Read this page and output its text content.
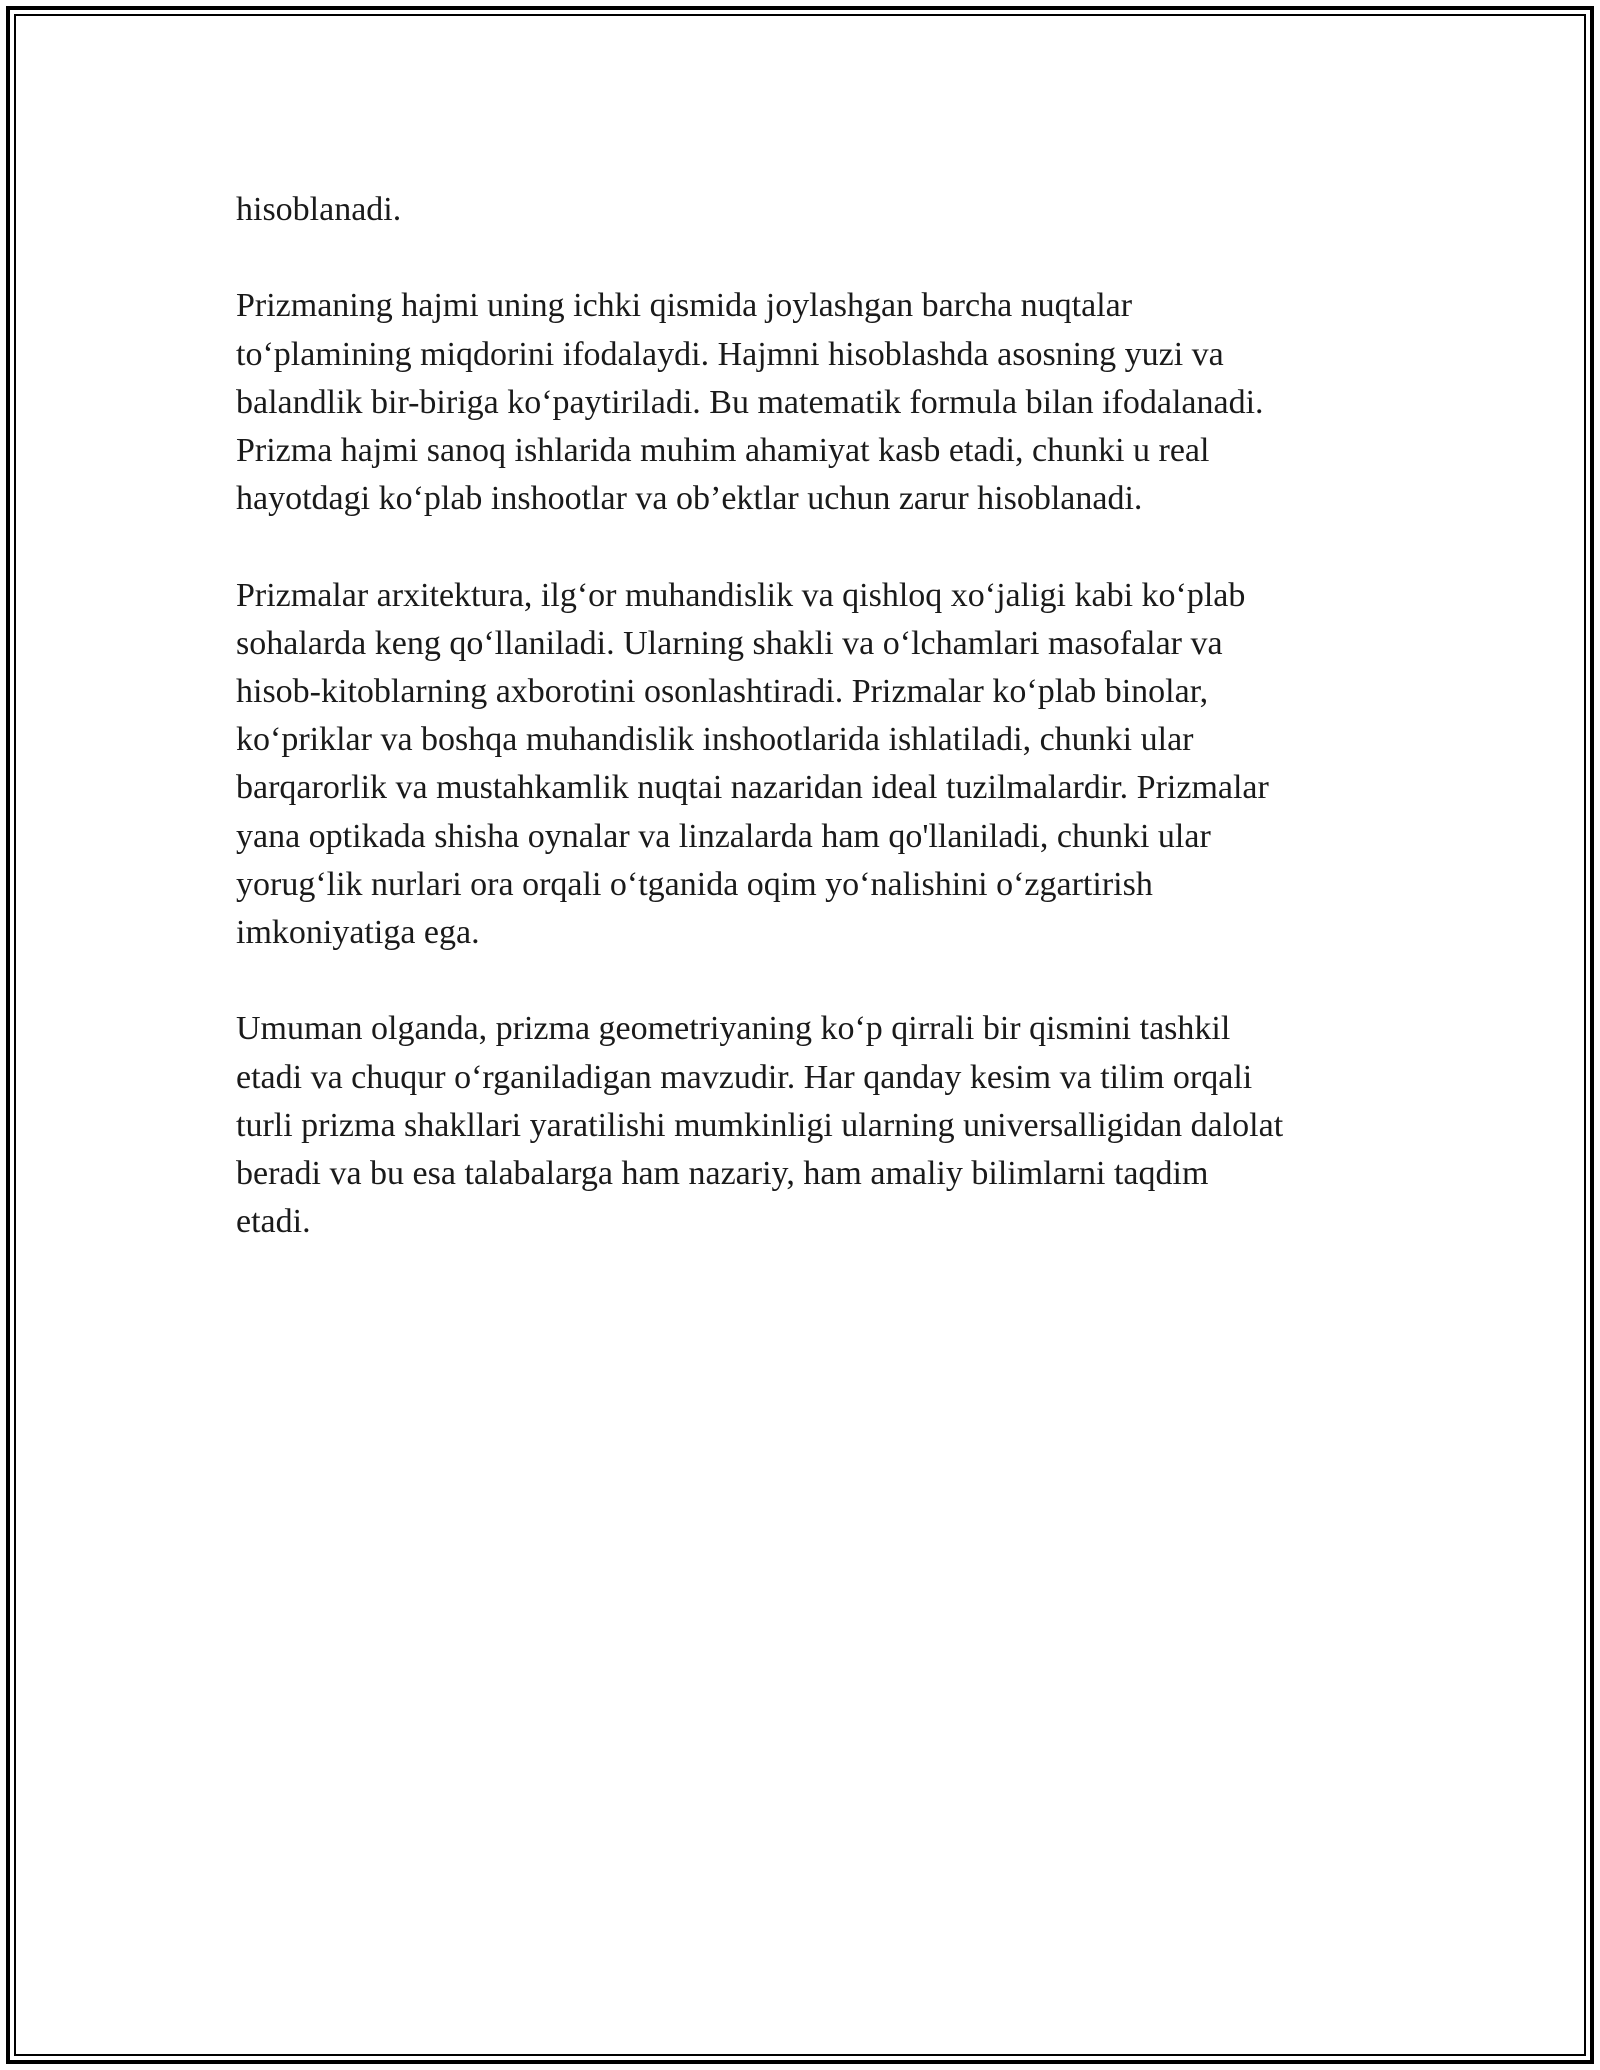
hisoblanadi.

Prizmaning hajmi uning ichki qismida joylashgan barcha nuqtalar
to‘plamining miqdorini ifodalaydi. Hajmni hisoblashda asosning yuzi va
balandlik bir-biriga ko‘paytiriladi. Bu matematik formula bilan ifodalanadi.
Prizma hajmi sanoq ishlarida muhim ahamiyat kasb etadi, chunki u real
hayotdagi ko‘plab inshootlar va ob’ektlar uchun zarur hisoblanadi.

Prizmalar arxitektura, ilg‘or muhandislik va qishloq xo‘jaligi kabi ko‘plab
sohalarda keng qo‘llaniladi. Ularning shakli va o‘lchamlari masofalar va
hisob-kitoblarning axborotini osonlashtiradi. Prizmalar ko‘plab binolar,
ko‘priklar va boshqa muhandislik inshootlarida ishlatiladi, chunki ular
barqarorlik va mustahkamlik nuqtai nazaridan ideal tuzilmalardir. Prizmalar
yana optikada shisha oynalar va linzalarda ham qo'llaniladi, chunki ular
yorug‘lik nurlari ora orqali o‘tganida oqim yo‘nalishini o‘zgartirish
imkoniyatiga ega.

Umuman olganda, prizma geometriyaning ko‘p qirrali bir qismini tashkil
etadi va chuqur o‘rganiladigan mavzudir. Har qanday kesim va tilim orqali
turli prizma shakllari yaratilishi mumkinligi ularning universalligidan dalolat
beradi va bu esa talabalarga ham nazariy, ham amaliy bilimlarni taqdim
etadi.
